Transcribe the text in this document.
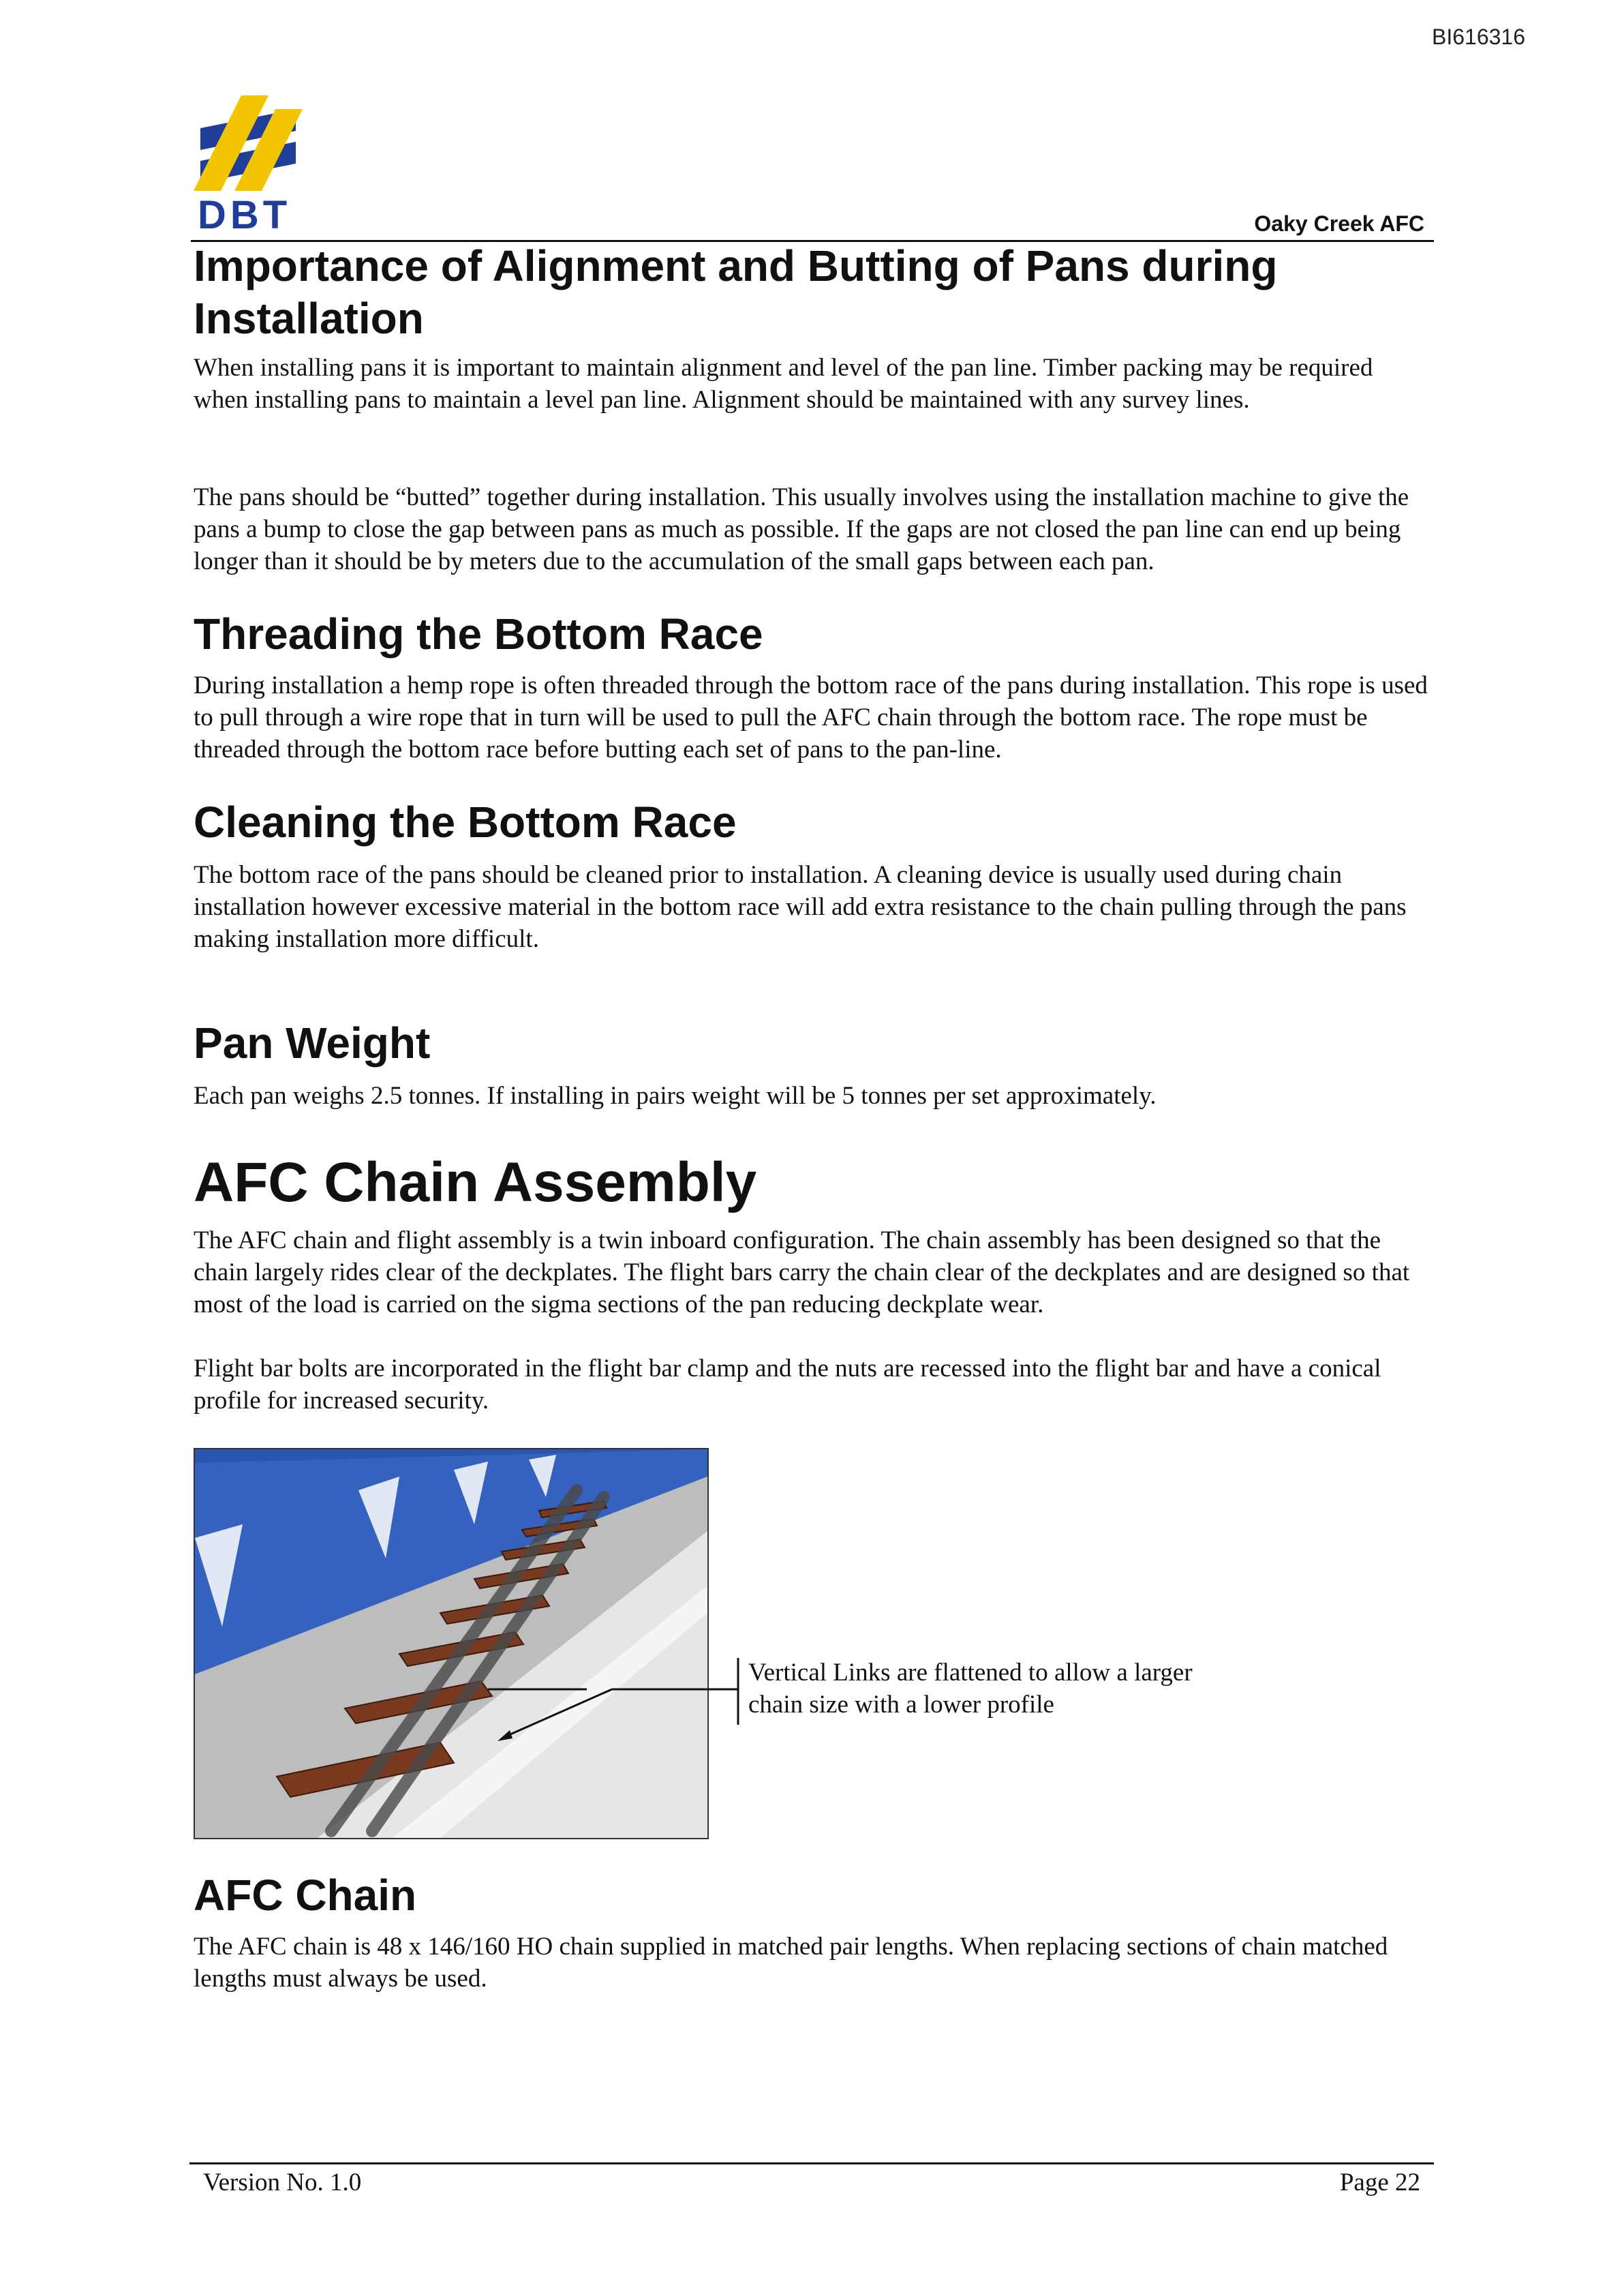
BI616316
DBT	Oaky Creek AFC
Importance of Alignment and Butting of Pans during Installation

When installing pans it is important to maintain alignment and level of the pan line. Timber packing may be required when installing pans to maintain a level pan line. Alignment should be maintained with any survey lines.

The pans should be “butted” together during installation. This usually involves using the installation machine to give the pans a bump to close the gap between pans as much as possible. If the gaps are not closed the pan line can end up being longer than it should be by meters due to the accumulation of the small gaps between each pan.

Threading the Bottom Race

During installation a hemp rope is often threaded through the bottom race of the pans during installation. This rope is used to pull through a wire rope that in turn will be used to pull the AFC chain through the bottom race. The rope must be threaded through the bottom race before butting each set of pans to the pan-line.

Cleaning the Bottom Race

The bottom race of the pans should be cleaned prior to installation. A cleaning device is usually used during chain installation however excessive material in the bottom race will add extra resistance to the chain pulling through the pans making installation more difficult.

Pan Weight

Each pan weighs 2.5 tonnes. If installing in pairs weight will be 5 tonnes per set approximately.

AFC Chain Assembly

The AFC chain and flight assembly is a twin inboard configuration. The chain assembly has been designed so that the chain largely rides clear of the deckplates. The flight bars carry the chain clear of the deckplates and are designed so that most of the load is carried on the sigma sections of the pan reducing deckplate wear.

Flight bar bolts are incorporated in the flight bar clamp and the nuts are recessed into the flight bar and have a conical profile for increased security.

Vertical Links are flattened to allow a larger chain size with a lower profile
AFC Chain

The AFC chain is 48 x 146/160 HO chain supplied in matched pair lengths. When replacing sections of chain matched lengths must always be used.

Version No. 1.0	Page 22
